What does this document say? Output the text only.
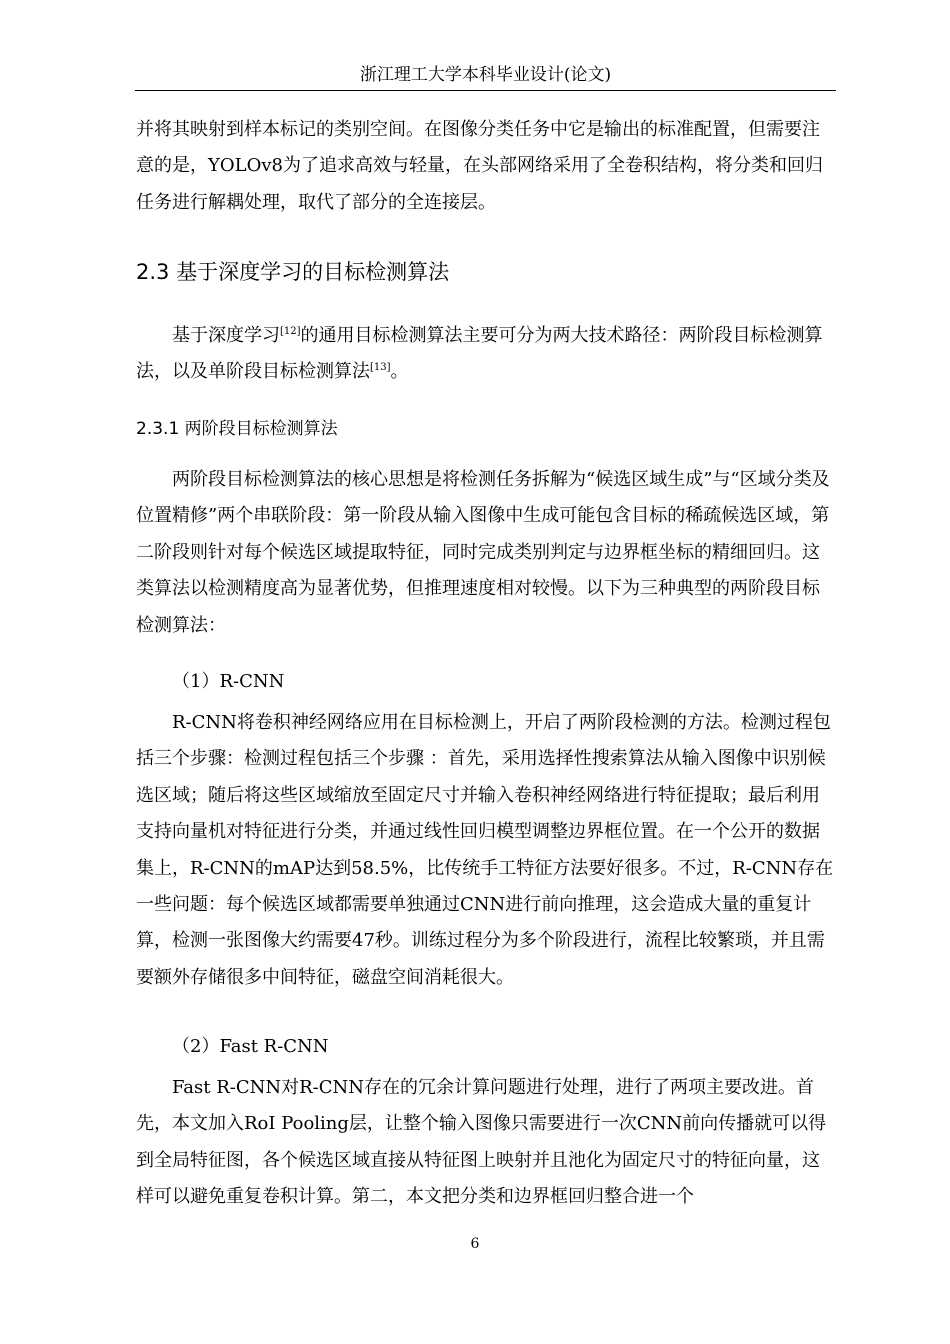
浙江理工大学本科毕业设计(论文)

并将其映射到样本标记的类别空间。在图像分类任务中它是输出的标准配置，但需要注意的是，YOLOv8为了追求高效与轻量，在头部网络采用了全卷积结构，将分类和回归任务进行解耦处理，取代了部分的全连接层。

2.3 基于深度学习的目标检测算法

基于深度学习[12]的通用目标检测算法主要可分为两大技术路径：两阶段目标检测算法，以及单阶段目标检测算法[13]。

2.3.1 两阶段目标检测算法

两阶段目标检测算法的核心思想是将检测任务拆解为“候选区域生成”与“区域分类及位置精修”两个串联阶段：第一阶段从输入图像中生成可能包含目标的稀疏候选区域，第二阶段则针对每个候选区域提取特征，同时完成类别判定与边界框坐标的精细回归。这类算法以检测精度高为显著优势，但推理速度相对较慢。以下为三种典型的两阶段目标检测算法：

（1）R-CNN

R-CNN将卷积神经网络应用在目标检测上，开启了两阶段检测的方法。检测过程包括三个步骤：检测过程包括三个步骤 ：首先，采用选择性搜索算法从输入图像中识别候选区域；随后将这些区域缩放至固定尺寸并输入卷积神经网络进行特征提取；最后利用支持向量机对特征进行分类，并通过线性回归模型调整边界框位置。在一个公开的数据集上，R-CNN的mAP达到58.5%，比传统手工特征方法要好很多。不过，R-CNN存在一些问题：每个候选区域都需要单独通过CNN进行前向推理，这会造成大量的重复计算，检测一张图像大约需要47秒。训练过程分为多个阶段进行，流程比较繁琐，并且需要额外存储很多中间特征，磁盘空间消耗很大。

（2）Fast R-CNN

Fast R-CNN对R-CNN存在的冗余计算问题进行处理，进行了两项主要改进。首先，本文加入RoI Pooling层，让整个输入图像只需要进行一次CNN前向传播就可以得到全局特征图，各个候选区域直接从特征图上映射并且池化为固定尺寸的特征向量，这样可以避免重复卷积计算。第二，本文把分类和边界框回归整合进一个

6
